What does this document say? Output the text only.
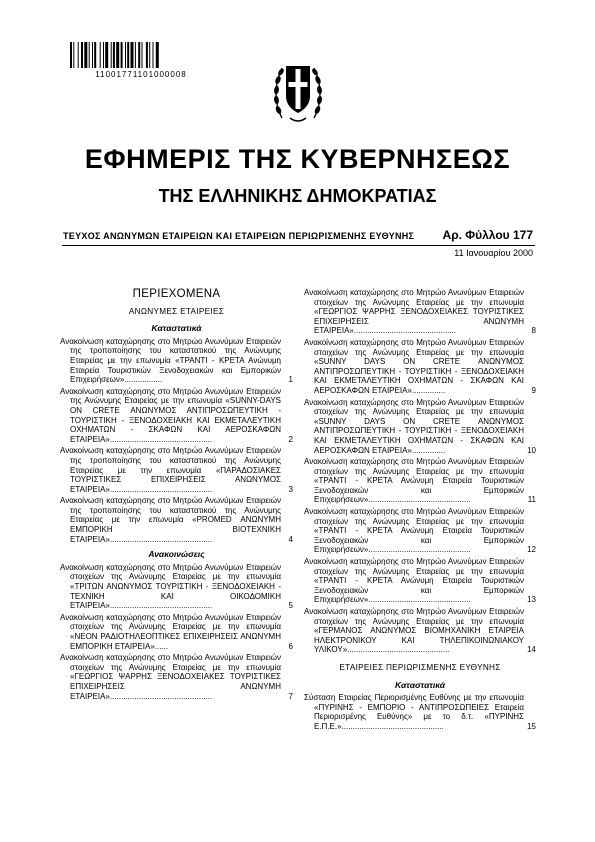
11001771101000008
ΕΦΗΜΕΡΙΣ ΤΗΣ ΚΥΒΕΡΝΗΣΕΩΣ
ΤΗΣ ΕΛΛΗΝΙΚΗΣ ΔΗΜΟΚΡΑΤΙΑΣ
ΤΕΥΧΟΣ ΑΝΩΝΥΜΩΝ ΕΤΑΙΡΕΙΩΝ ΚΑΙ ΕΤΑΙΡΕΙΩΝ ΠΕΡΙΩΡΙΣΜΕΝΗΣ ΕΥΘΥΝΗΣ Αρ. Φύλλου 177
11 Ιανουαρίου 2000
ΠΕΡΙΕΧΟΜΕΝΑ
ΑΝΩΝΥΜΕΣ ΕΤΑΙΡΕΙΕΣ
Καταστατικά
Ανακοίνωση καταχώρησης στο Μητρώο Ανωνύμων Εταιρειών της τροποποίησης του καταστατικού της Ανώνυμης Εταιρείας με την επωνυμία «ΤΡΑΝΤΙ - ΚΡΕΤΑ Ανώνυμη Εταιρεία Τουριστικών Ξενοδοχειακών και Εμπορικών Επιχειρήσεων».................	1
Ανακοίνωση καταχώρησης στο Μητρώο Ανωνύμων Εταιρειών της Ανώνυμης Εταιρείας με την επωνυμία «SUNNY-DAYS ON CRETE ΑΝΩΝΥΜΟΣ ΑΝΤΙΠΡΟΣΩΠΕΥΤΙΚΗ - ΤΟΥΡΙΣΤΙΚΗ - ΞΕΝΟΔΟΧΕΙΑΚΗ ΚΑΙ ΕΚΜΕΤΑΛΕΥΤΙΚΗ ΟΧΗΜΑΤΩΝ - ΣΚΑΦΩΝ ΚΑΙ ΑΕΡΟΣΚΑΦΩΝ ΕΤΑΙΡΕΙΑ»..............................................	2
Ανακοίνωση καταχώρησης στο Μητρώο Ανωνύμων Εταιρειών της τροποποίησης του καταστατικού της Ανώνυμης Εταιρείας με την επωνυμία «ΠΑΡΑΔΟΣΙΑΚΕΣ ΤΟΥΡΙΣΤΙΚΕΣ ΕΠΙΧΕΙΡΗΣΕΙΣ ΑΝΩΝΥΜΟΣ ΕΤΑΙΡΕΙΑ»..............................................	3
Ανακοίνωση καταχώρησης στο Μητρώο Ανωνύμων Εταιρειών της τροποποίησης του καταστατικού της Ανώνυμης Εταιρείας με την επωνυμία «PROMED ΑΝΩΝΥΜΗ ΕΜΠΟΡΙΚΗ ΒΙΟΤΕΧΝΙΚΗ ΕΤΑΙΡΕΙΑ»..............................................	4
Ανακοινώσεις
Ανακοίνωση καταχώρησης στο Μητρώο Ανωνύμων Εταιρειών στοιχείων της Ανώνυμης Εταιρείας με την επωνυμία «ΤΡΙΤΩΝ ΑΝΩΝΥΜΟΣ ΤΟΥΡΙΣΤΙΚΗ - ΞΕΝΟΔΟΧΕΙΑΚΗ - ΤΕΧΝΙΚΗ ΚΑΙ ΟΙΚΟΔΟΜΙΚΗ ΕΤΑΙΡΕΙΑ»..............................................	5
Ανακοίνωση καταχώρησης στο Μητρώο Ανωνύμων Εταιρειών στοιχείων της Ανώνυμης Εταιρείας με την επωνυμία «ΝΕΟΝ ΡΑΔΙΟΤΗΛΕΟΠΤΙΚΕΣ ΕΠΙΧΕΙΡΗΣΕΙΣ ΑΝΩΝΥΜΗ ΕΜΠΟΡΙΚΗ ΕΤΑΙΡΕΙΑ»......	6
Ανακοίνωση καταχώρησης στο Μητρώο Ανωνύμων Εταιρειών στοιχείων της Ανώνυμης Εταιρείας με την επωνυμία «ΓΕΩΡΓΙΟΣ ΨΑΡΡΗΣ ΞΕΝΟΔΟΧΕΙΑΚΕΣ ΤΟΥΡΙΣΤΙΚΕΣ ΕΠΙΧΕΙΡΗΣΕΙΣ ΑΝΩΝΥΜΗ ΕΤΑΙΡΕΙΑ»..............................................	7
Ανακοίνωση καταχώρησης στο Μητρώο Ανωνύμων Εταιρειών στοιχείων της Ανώνυμης Εταιρείας με την επωνυμία «ΓΕΩΡΓΙΟΣ ΨΑΡΡΗΣ ΞΕΝΟΔΟΧΕΙΑΚΕΣ ΤΟΥΡΙΣΤΙΚΕΣ ΕΠΙΧΕΙΡΗΣΕΙΣ ΑΝΩΝΥΜΗ ΕΤΑΙΡΕΙΑ»..............................................	8
Ανακοίνωση καταχώρησης στο Μητρώο Ανωνύμων Εταιρειών στοιχείων της Ανώνυμης Εταιρείας με την επωνυμία «SUNNY DAYS ON CRETE ΑΝΩΝΥΜΟΣ ΑΝΤΙΠΡΟΣΩΠΕΥΤΙΚΗ - ΤΟΥΡΙΣΤΙΚΗ - ΞΕΝΟΔΟΧΕΙΑΚΗ ΚΑΙ ΕΚΜΕΤΑΛΕΥΤΙΚΗ ΟΧΗΜΑΤΩΝ - ΣΚΑΦΩΝ ΚΑΙ ΑΕΡΟΣΚΑΦΩΝ ΕΤΑΙΡΕΙΑ»...............	9
Ανακοίνωση καταχώρησης στο Μητρώο Ανωνύμων Εταιρειών στοιχείων της Ανώνυμης Εταιρείας με την επωνυμία «SUNNY DAYS ON CRETE ΑΝΩΝΥΜΟΣ ΑΝΤΙΠΡΟΣΩΠΕΥΤΙΚΗ - ΤΟΥΡΙΣΤΙΚΗ - ΞΕΝΟΔΟΧΕΙΑΚΗ ΚΑΙ ΕΚΜΕΤΑΛΕΥΤΙΚΗ ΟΧΗΜΑΤΩΝ - ΣΚΑΦΩΝ ΚΑΙ ΑΕΡΟΣΚΑΦΩΝ ΕΤΑΙΡΕΙΑ»...............	10
Ανακοίνωση καταχώρησης στο Μητρώο Ανωνύμων Εταιρειών στοιχείων της Ανώνυμης Εταιρείας με την επωνυμία «ΤΡΑΝΤΙ - ΚΡΕΤΑ Ανώνυμη Εταιρεία Τουριστικών Ξενοδοχειακών και Εμπορικών Επιχειρήσεων»..............................................	11
Ανακοίνωση καταχώρησης στο Μητρώο Ανωνύμων Εταιρειών στοιχείων της Ανώνυμης Εταιρείας με την επωνυμία «ΤΡΑΝΤΙ - ΚΡΕΤΑ Ανώνυμη Εταιρεία Τουριστικών Ξενοδοχειακών και Εμπορικών Επιχειρήσεων»..............................................	12
Ανακοίνωση καταχώρησης στο Μητρώο Ανωνύμων Εταιρειών στοιχείων της Ανώνυμης Εταιρείας με την επωνυμία «ΤΡΑΝΤΙ - ΚΡΕΤΑ Ανώνυμη Εταιρεία Τουριστικών Ξενοδοχειακών και Εμπορικών Επιχειρήσεων»..............................................	13
Ανακοίνωση καταχώρησης στο Μητρώο Ανωνύμων Εταιρειών στοιχείων της Ανώνυμης Εταιρείας με την επωνυμία «ΓΕΡΜΑΝΟΣ ΑΝΩΝΥΜΟΣ ΒΙΟΜΗΧΑΝΙΚΗ ΕΤΑΙΡΕΙΑ ΗΛΕΚΤΡΟΝΙΚΟΥ ΚΑΙ ΤΗΛΕΠΙΚΟΙΝΩΝΙΑΚΟΥ ΥΛΙΚΟΥ»..............................................	14
ΕΤΑΙΡΕΙΕΣ ΠΕΡΙΩΡΙΣΜΕΝΗΣ ΕΥΘΥΝΗΣ
Καταστατικά
Σύσταση Εταιρείας Περιορισμένης Ευθύνης με την επωνυμία «ΠΥΡΙΝΗΣ - ΕΜΠΟΡΙΟ - ΑΝΤΙΠΡΟΣΩΠΕΙΕΣ Εταιρεία Περιορισμένης Ευθύνης» με το δ.τ. «ΠΥΡΙΝΗΣ Ε.Π.Ε.»..............................................	15
